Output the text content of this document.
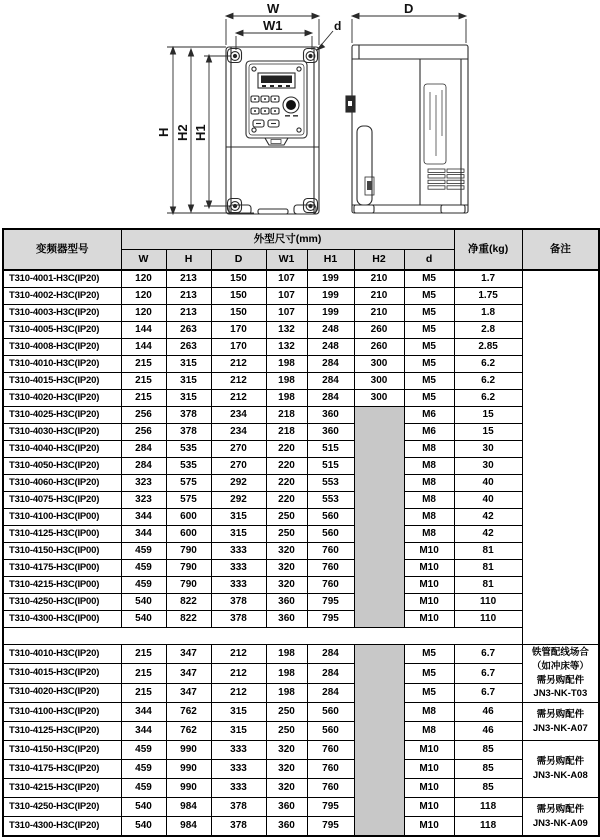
W
W1	d
H H2 H1
D
变频器型号	外型尺寸(mm)							净重(kg)	备注
	W	H	D	W1	H1	H2	d		
T310-4001-H3C(IP20)	120	213	150	107	199	210	M5	1.7	
T310-4002-H3C(IP20)	120	213	150	107	199	210	M5	1.75	
T310-4003-H3C(IP20)	120	213	150	107	199	210	M5	1.8	
T310-4005-H3C(IP20)	144	263	170	132	248	260	M5	2.8	
T310-4008-H3C(IP20)	144	263	170	132	248	260	M5	2.85	
T310-4010-H3C(IP20)	215	315	212	198	284	300	M5	6.2	
T310-4015-H3C(IP20)	215	315	212	198	284	300	M5	6.2	
T310-4020-H3C(IP20)	215	315	212	198	284	300	M5	6.2	
T310-4025-H3C(IP20)	256	378	234	218	360		M6	15	
T310-4030-H3C(IP20)	256	378	234	218	360		M6	15	
T310-4040-H3C(IP20)	284	535	270	220	515		M8	30	
T310-4050-H3C(IP20)	284	535	270	220	515		M8	30	
T310-4060-H3C(IP20)	323	575	292	220	553		M8	40	
T310-4075-H3C(IP20)	323	575	292	220	553		M8	40	
T310-4100-H3C(IP00)	344	600	315	250	560		M8	42	
T310-4125-H3C(IP00)	344	600	315	250	560		M8	42	
T310-4150-H3C(IP00)	459	790	333	320	760		M10	81	
T310-4175-H3C(IP00)	459	790	333	320	760		M10	81	
T310-4215-H3C(IP00)	459	790	333	320	760		M10	81	
T310-4250-H3C(IP00)	540	822	378	360	795		M10	110	
T310-4300-H3C(IP00)	540	822	378	360	795		M10	110	

T310-4010-H3C(IP20)	215	347	212	198	284		M5	6.7	铁管配线场合
（如冲床等）
需另购配件
JN3-NK-T03

T310-4015-H3C(IP20)	215	347	212	198	284		M5	6.7	
T310-4020-H3C(IP20)	215	347	212	198	284		M5	6.7	
T310-4100-H3C(IP20)	344	762	315	250	560		M8	46	需另购配件
JN3-NK-A07

T310-4125-H3C(IP20)	344	762	315	250	560		M8	46	
T310-4150-H3C(IP20)	459	990	333	320	760		M10	85	需另购配件
JN3-NK-A08

T310-4175-H3C(IP20)	459	990	333	320	760		M10	85	
T310-4215-H3C(IP20)	459	990	333	320	760		M10	85	
T310-4250-H3C(IP20)	540	984	378	360	795		M10	118	需另购配件
JN3-NK-A09

T310-4300-H3C(IP20)	540	984	378	360	795		M10	118	
